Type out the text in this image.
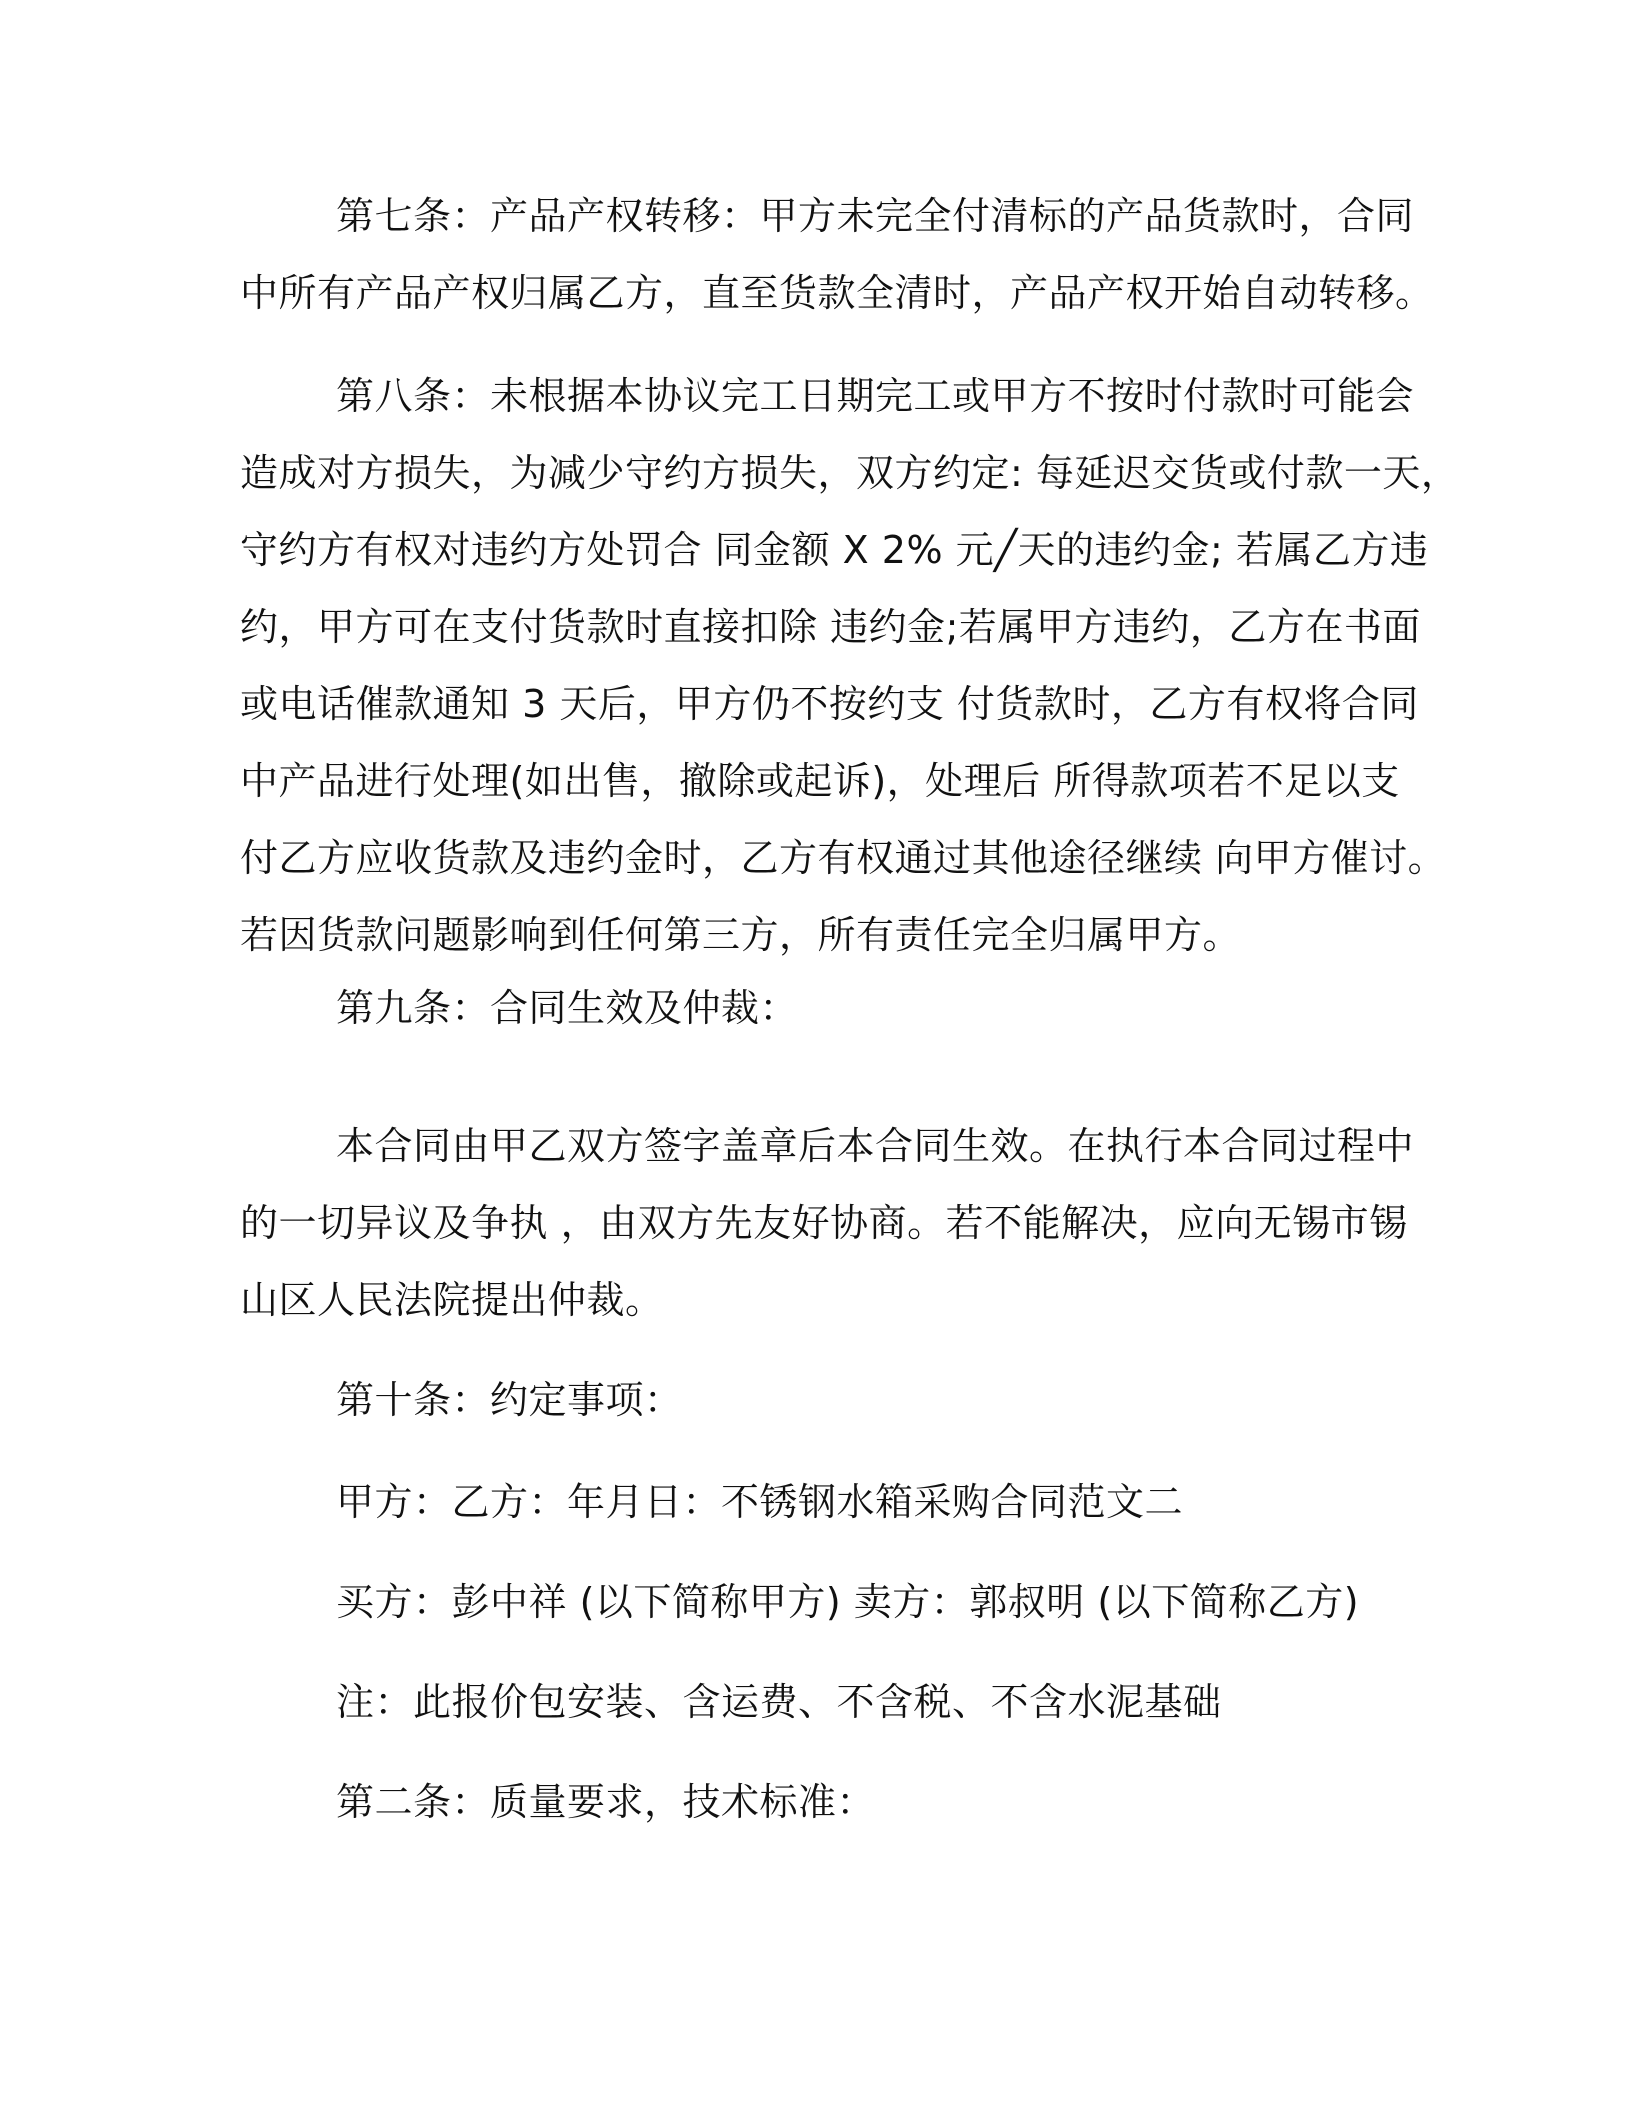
第七条：产品产权转移：甲方未完全付清标的产品货款时，合同
中所有产品产权归属乙方，直至货款全清时，产品产权开始自动转移。
第八条：未根据本协议完工日期完工或甲方不按时付款时可能会
造成对方损失，为减少守约方损失，双方约定: 每延迟交货或付款一天，
守约方有权对违约方处罚合 同金额 X 2% 元╱天的违约金; 若属乙方违
约，甲方可在支付货款时直接扣除 违约金;若属甲方违约，乙方在书面
或电话催款通知 3 天后，甲方仍不按约支 付货款时，乙方有权将合同
中产品进行处理(如出售，撤除或起诉)，处理后 所得款项若不足以支
付乙方应收货款及违约金时，乙方有权通过其他途径继续 向甲方催讨。
若因货款问题影响到任何第三方，所有责任完全归属甲方。
第九条：合同生效及仲裁：
本合同由甲乙双方签字盖章后本合同生效。在执行本合同过程中
的一切异议及争执 ，由双方先友好协商。若不能解决，应向无锡市锡
山区人民法院提出仲裁。
第十条：约定事项：
甲方：乙方：年月日：不锈钢水箱采购合同范文二
买方：彭中祥 (以下简称甲方) 卖方：郭叔明 (以下简称乙方)
注：此报价包安装、含运费、不含税、不含水泥基础
第二条：质量要求，技术标准：
